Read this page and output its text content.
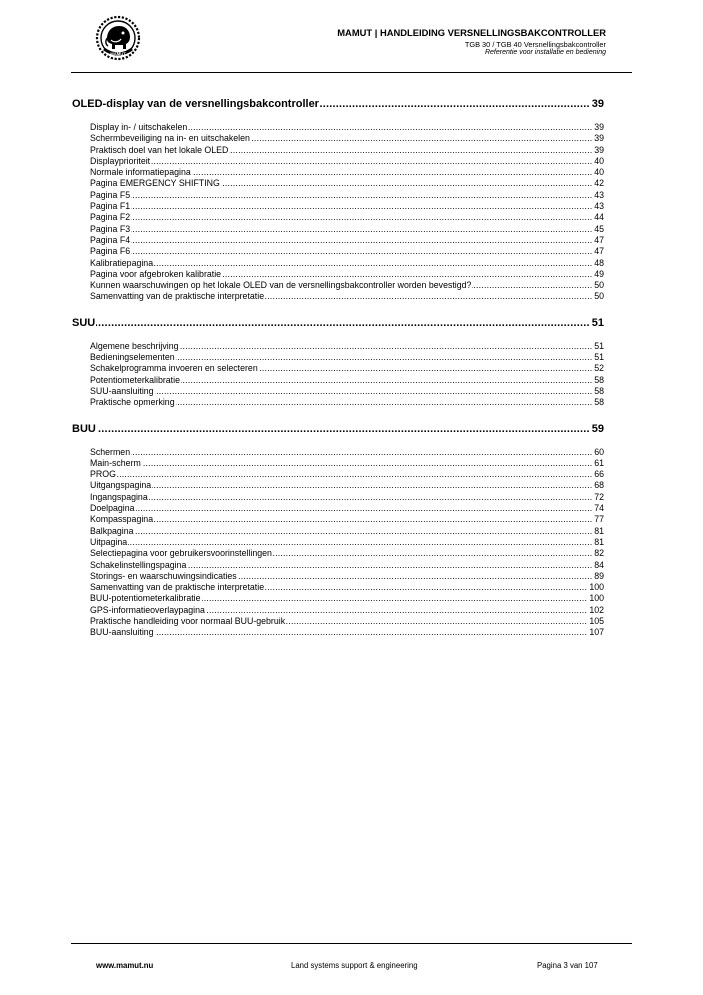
MAMUT
MAMUT | HANDLEIDING VERSNELLINGSBAKCONTROLLER
TGB 30 / TGB 40 Versnellingsbakcontroller
Referentie voor installatie en bediening
OLED-display van de versnellingsbakcontroller	39
.....
Display in- / uitschakelen	39
.....
Schermbeveiliging na in- en uitschakelen	39
.....
Praktisch doel van het lokale OLED	39
.....
Displayprioriteit	40
.....
Normale informatiepagina	40
.....
Pagina EMERGENCY SHIFTING	42
.....
Pagina F5	43
.....
Pagina F1	43
.....
Pagina F2	44
.....
Pagina F3	45
.....
Pagina F4	47
.....
Pagina F6	47
.....
Kalibratiepagina	48
.....
Pagina voor afgebroken kalibratie	49
.....
Kunnen waarschuwingen op het lokale OLED van de versnellingsbakcontroller worden bevestigd?	50
.....
Samenvatting van de praktische interpretatie	50
.....
SUU	51
.....
Algemene beschrijving	51
.....
Bedieningselementen	51
.....
Schakelprogramma invoeren en selecteren	52
.....
Potentiometerkalibratie	58
.....
SUU-aansluiting	58
.....
Praktische opmerking	58
.....
BUU	59
.....
Schermen	60
.....
Main-scherm	61
.....
PROG	66
.....
Uitgangspagina	68
.....
Ingangspagina	72
.....
Doelpagina	74
.....
Kompasspagina	77
.....
Balkpagina	81
.....
Uitpagina	81
.....
Selectiepagina voor gebruikersvoorinstellingen	82
.....
Schakelinstellingspagina	84
.....
Storings- en waarschuwingsindicaties	89
.....
Samenvatting van de praktische interpretatie	100
.....
BUU-potentiometerkalibratie	100
.....
GPS-informatieoverlaypagina	102
.....
Praktische handleiding voor normaal BUU-gebruik	105
.....
BUU-aansluiting	107
.....
www.mamut.nu	Land systems support & engineering	Pagina 3 van 107
